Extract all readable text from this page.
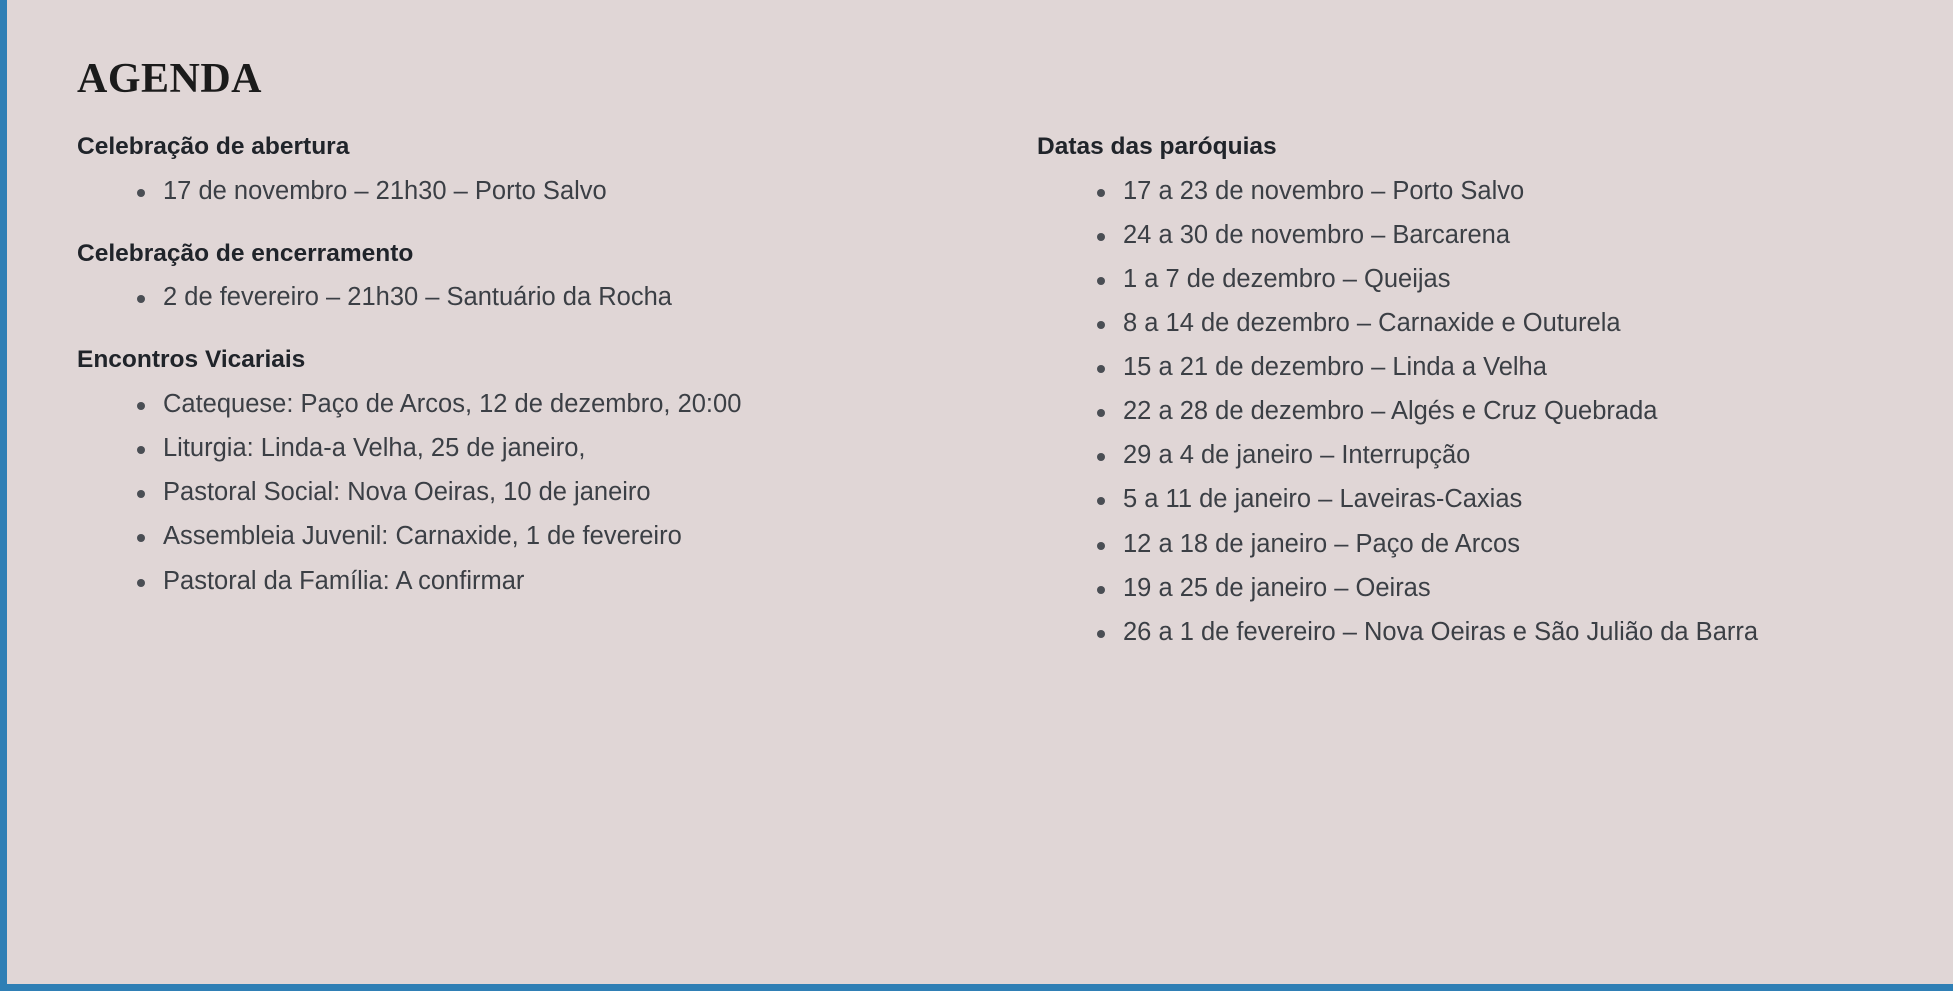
AGENDA
Celebração de abertura
17 de novembro – 21h30 – Porto Salvo
Celebração de encerramento
2 de fevereiro – 21h30 – Santuário da Rocha
Encontros Vicariais
Catequese: Paço de Arcos, 12 de dezembro, 20:00
Liturgia: Linda-a Velha, 25 de janeiro,
Pastoral Social: Nova Oeiras, 10 de janeiro
Assembleia Juvenil: Carnaxide, 1 de fevereiro
Pastoral da Família: A confirmar
Datas das paróquias
17 a 23 de novembro – Porto Salvo
24 a 30 de novembro – Barcarena
1 a 7 de dezembro – Queijas
8 a 14 de dezembro – Carnaxide e Outurela
15 a 21 de dezembro – Linda a Velha
22 a 28 de dezembro – Algés e Cruz Quebrada
29 a 4 de janeiro – Interrupção
5 a 11 de janeiro – Laveiras-Caxias
12 a 18 de janeiro – Paço de Arcos
19 a 25 de janeiro – Oeiras
26 a 1 de fevereiro – Nova Oeiras e São Julião da Barra
